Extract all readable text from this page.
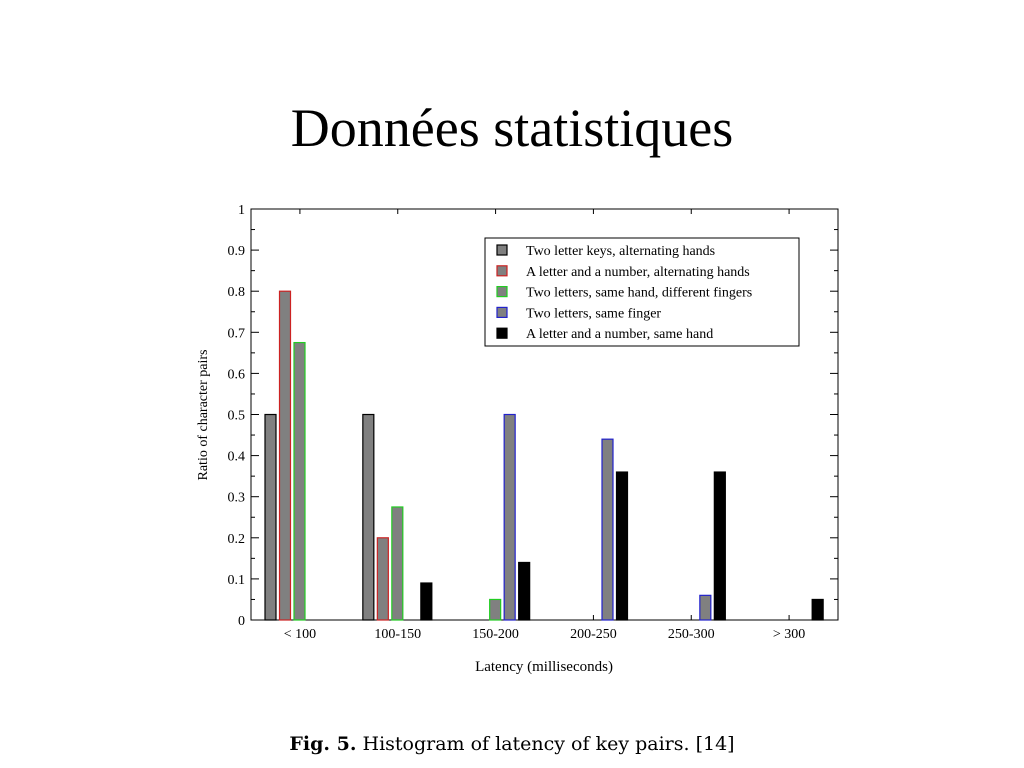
Données statistiques
0
0.1
0.2
0.3
0.4
0.5
0.6
0.7
0.8
0.9
1
< 100	100-150	150-200	200-250	250-300	> 300
Ratio of character pairs
Latency (milliseconds)
Two letter keys, alternating hands
A letter and a number, alternating hands
Two letters, same hand, different fingers
Two letters, same finger
A letter and a number, same hand
Fig. 5. Histogram of latency of key pairs. [14]
